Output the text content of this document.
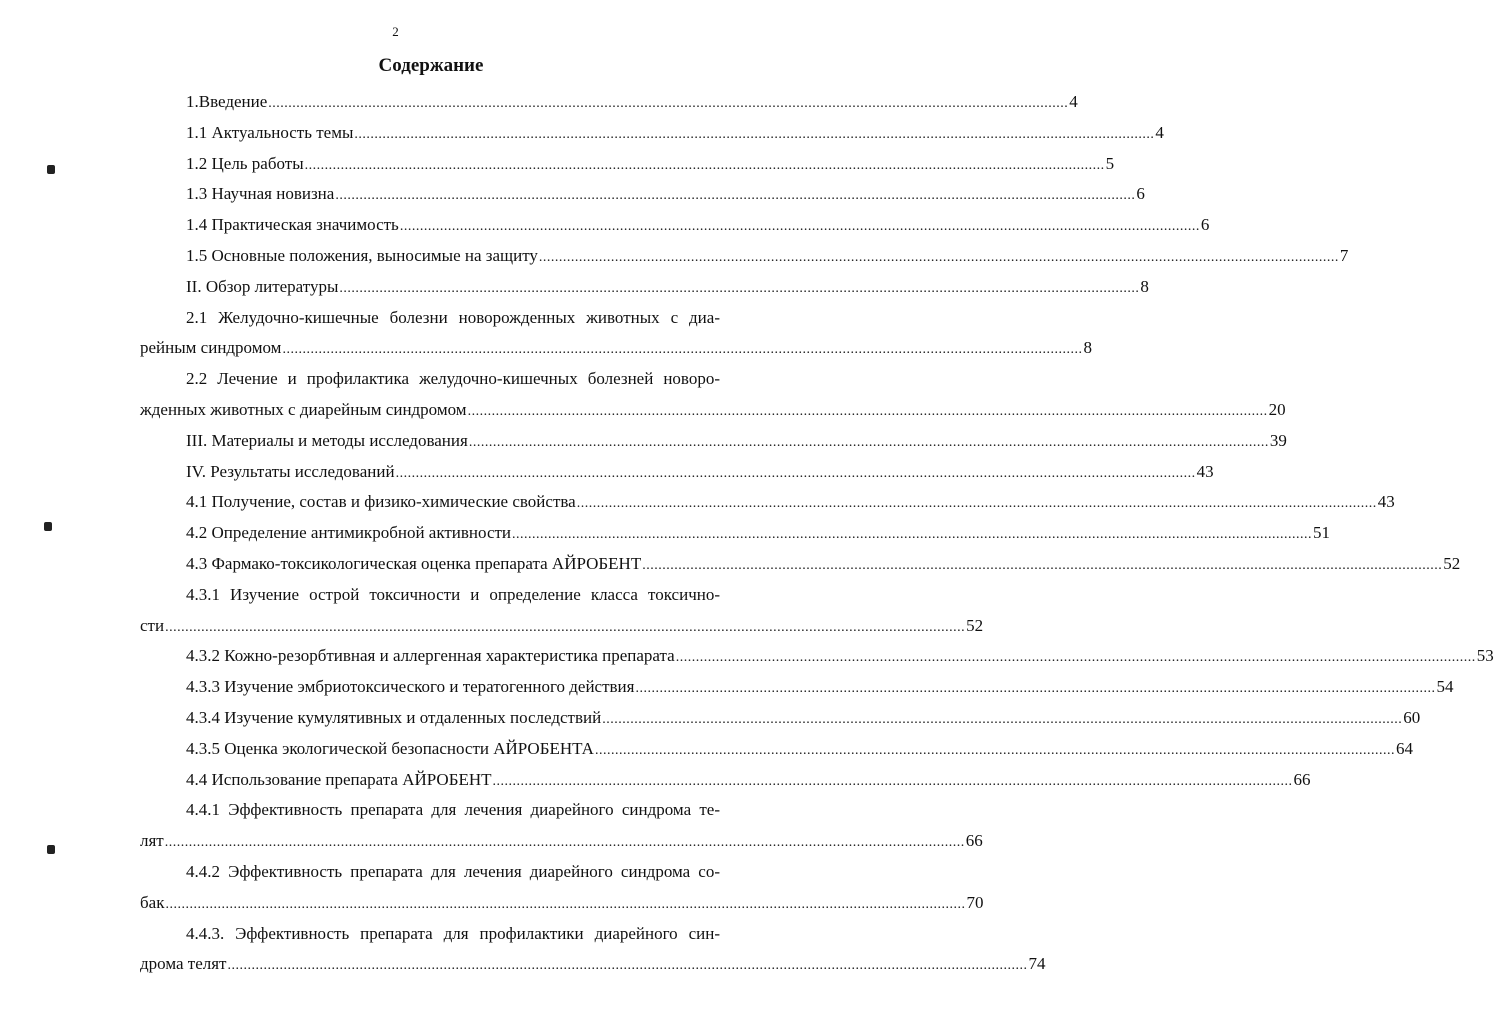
2
Содержание
1.Введение ........................................................................................................................................................................................................ 4
1.1 Актуальность темы ........................................................................................................................................................................................................ 4
1.2 Цель работы ........................................................................................................................................................................................................ 5
1.3 Научная новизна ........................................................................................................................................................................................................ 6
1.4 Практическая значимость ........................................................................................................................................................................................................ 6
1.5 Основные положения, выносимые на защиту ........................................................................................................................................................................................................ 7
II. Обзор литературы ........................................................................................................................................................................................................ 8
2.1 Желудочно-кишечные болезни новорожденных животных с диа-
рейным синдромом ........................................................................................................................................................................................................ 8
2.2 Лечение и профилактика желудочно-кишечных болезней новоро-
жденных животных с диарейным синдромом ........................................................................................................................................................................................................ 20
III. Материалы и методы исследования ........................................................................................................................................................................................................ 39
IV. Результаты исследований ........................................................................................................................................................................................................ 43
4.1 Получение, состав и физико-химические свойства ........................................................................................................................................................................................................ 43
4.2 Определение антимикробной активности ........................................................................................................................................................................................................ 51
4.3 Фармако-токсикологическая оценка препарата АЙРОБЕНТ ........................................................................................................................................................................................................ 52
4.3.1 Изучение острой токсичности и определение класса токсично-
сти ........................................................................................................................................................................................................ 52
4.3.2 Кожно-резорбтивная и аллергенная характеристика препарата ........................................................................................................................................................................................................ 53
4.3.3 Изучение эмбриотоксического и тератогенного действия ........................................................................................................................................................................................................ 54
4.3.4 Изучение кумулятивных и отдаленных последствий ........................................................................................................................................................................................................ 60
4.3.5 Оценка экологической безопасности АЙРОБЕНТА ........................................................................................................................................................................................................ 64
4.4 Использование препарата АЙРОБЕНТ ........................................................................................................................................................................................................ 66
4.4.1 Эффективность препарата для лечения диарейного синдрома те-
лят ........................................................................................................................................................................................................ 66
4.4.2 Эффективность препарата для лечения диарейного синдрома со-
бак ........................................................................................................................................................................................................ 70
4.4.3. Эффективность препарата для профилактики диарейного син-
дрома телят ........................................................................................................................................................................................................ 74
